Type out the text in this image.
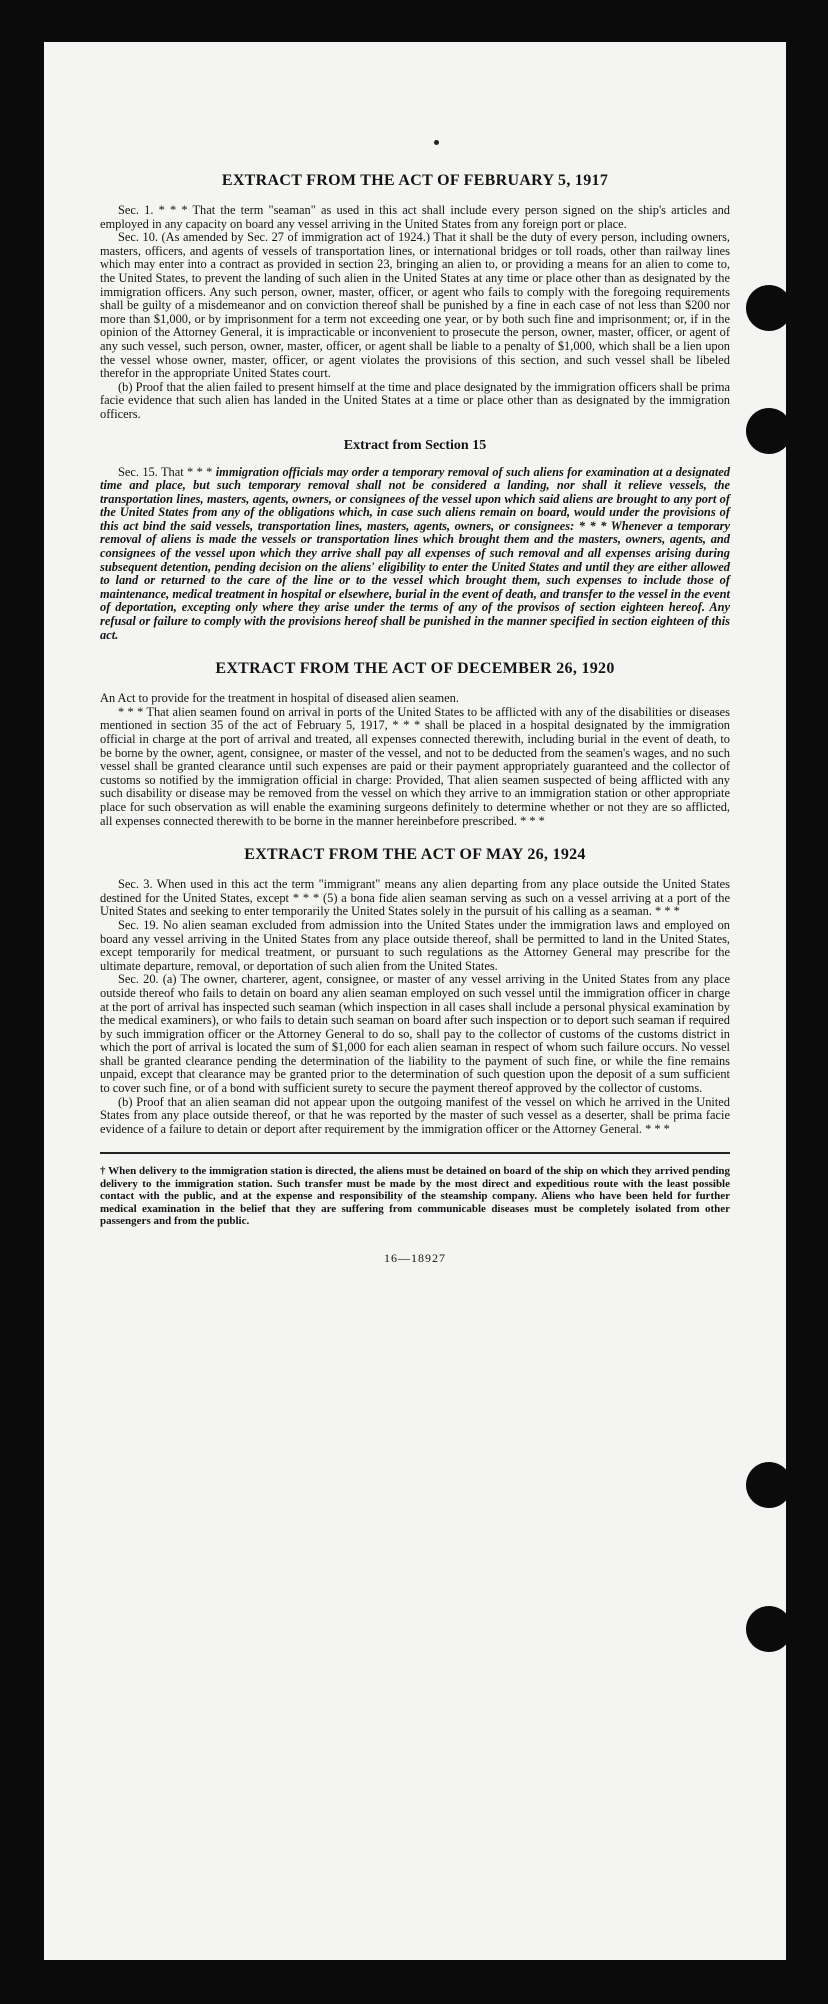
EXTRACT FROM THE ACT OF FEBRUARY 5, 1917

Sec. 1. * * * That the term "seaman" as used in this act shall include every person signed on the ship's articles and employed in any capacity on board any vessel arriving in the United States from any foreign port or place.

Sec. 10. (As amended by Sec. 27 of immigration act of 1924.) That it shall be the duty of every person, including owners, masters, officers, and agents of vessels of transportation lines, or international bridges or toll roads, other than railway lines which may enter into a contract as provided in section 23, bringing an alien to, or providing a means for an alien to come to, the United States, to prevent the landing of such alien in the United States at any time or place other than as designated by the immigration officers. Any such person, owner, master, officer, or agent who fails to comply with the foregoing requirements shall be guilty of a misdemeanor and on conviction thereof shall be punished by a fine in each case of not less than $200 nor more than $1,000, or by imprisonment for a term not exceeding one year, or by both such fine and imprisonment; or, if in the opinion of the Attorney General, it is impracticable or inconvenient to prosecute the person, owner, master, officer, or agent of any such vessel, such person, owner, master, officer, or agent shall be liable to a penalty of $1,000, which shall be a lien upon the vessel whose owner, master, officer, or agent violates the provisions of this section, and such vessel shall be libeled therefor in the appropriate United States court.

(b) Proof that the alien failed to present himself at the time and place designated by the immigration officers shall be prima facie evidence that such alien has landed in the United States at a time or place other than as designated by the immigration officers.

Extract from Section 15

Sec. 15. That * * * immigration officials may order a temporary removal of such aliens for examination at a designated time and place, but such temporary removal shall not be considered a landing, nor shall it relieve vessels, the transportation lines, masters, agents, owners, or consignees of the vessel upon which said aliens are brought to any port of the United States from any of the obligations which, in case such aliens remain on board, would under the provisions of this act bind the said vessels, transportation lines, masters, agents, owners, or consignees: * * * Whenever a temporary removal of aliens is made the vessels or transportation lines which brought them and the masters, owners, agents, and consignees of the vessel upon which they arrive shall pay all expenses of such removal and all expenses arising during subsequent detention, pending decision on the aliens' eligibility to enter the United States and until they are either allowed to land or returned to the care of the line or to the vessel which brought them, such expenses to include those of maintenance, medical treatment in hospital or elsewhere, burial in the event of death, and transfer to the vessel in the event of deportation, excepting only where they arise under the terms of any of the provisos of section eighteen hereof. Any refusal or failure to comply with the provisions hereof shall be punished in the manner specified in section eighteen of this act.

EXTRACT FROM THE ACT OF DECEMBER 26, 1920

An Act to provide for the treatment in hospital of diseased alien seamen.

* * * That alien seamen found on arrival in ports of the United States to be afflicted with any of the disabilities or diseases mentioned in section 35 of the act of February 5, 1917, * * * shall be placed in a hospital designated by the immigration official in charge at the port of arrival and treated, all expenses connected therewith, including burial in the event of death, to be borne by the owner, agent, consignee, or master of the vessel, and not to be deducted from the seamen's wages, and no such vessel shall be granted clearance until such expenses are paid or their payment appropriately guaranteed and the collector of customs so notified by the immigration official in charge: Provided, That alien seamen suspected of being afflicted with any such disability or disease may be removed from the vessel on which they arrive to an immigration station or other appropriate place for such observation as will enable the examining surgeons definitely to determine whether or not they are so afflicted, all expenses connected therewith to be borne in the manner hereinbefore prescribed. * * *

EXTRACT FROM THE ACT OF MAY 26, 1924

Sec. 3. When used in this act the term "immigrant" means any alien departing from any place outside the United States destined for the United States, except * * * (5) a bona fide alien seaman serving as such on a vessel arriving at a port of the United States and seeking to enter temporarily the United States solely in the pursuit of his calling as a seaman. * * *

Sec. 19. No alien seaman excluded from admission into the United States under the immigration laws and employed on board any vessel arriving in the United States from any place outside thereof, shall be permitted to land in the United States, except temporarily for medical treatment, or pursuant to such regulations as the Attorney General may prescribe for the ultimate departure, removal, or deportation of such alien from the United States.

Sec. 20. (a) The owner, charterer, agent, consignee, or master of any vessel arriving in the United States from any place outside thereof who fails to detain on board any alien seaman employed on such vessel until the immigration officer in charge at the port of arrival has inspected such seaman (which inspection in all cases shall include a personal physical examination by the medical examiners), or who fails to detain such seaman on board after such inspection or to deport such seaman if required by such immigration officer or the Attorney General to do so, shall pay to the collector of customs of the customs district in which the port of arrival is located the sum of $1,000 for each alien seaman in respect of whom such failure occurs. No vessel shall be granted clearance pending the determination of the liability to the payment of such fine, or while the fine remains unpaid, except that clearance may be granted prior to the determination of such question upon the deposit of a sum sufficient to cover such fine, or of a bond with sufficient surety to secure the payment thereof approved by the collector of customs.

(b) Proof that an alien seaman did not appear upon the outgoing manifest of the vessel on which he arrived in the United States from any place outside thereof, or that he was reported by the master of such vessel as a deserter, shall be prima facie evidence of a failure to detain or deport after requirement by the immigration officer or the Attorney General. * * *

† When delivery to the immigration station is directed, the aliens must be detained on board of the ship on which they arrived pending delivery to the immigration station. Such transfer must be made by the most direct and expeditious route with the least possible contact with the public, and at the expense and responsibility of the steamship company. Aliens who have been held for further medical examination in the belief that they are suffering from communicable diseases must be completely isolated from other passengers and from the public.

16—18927
